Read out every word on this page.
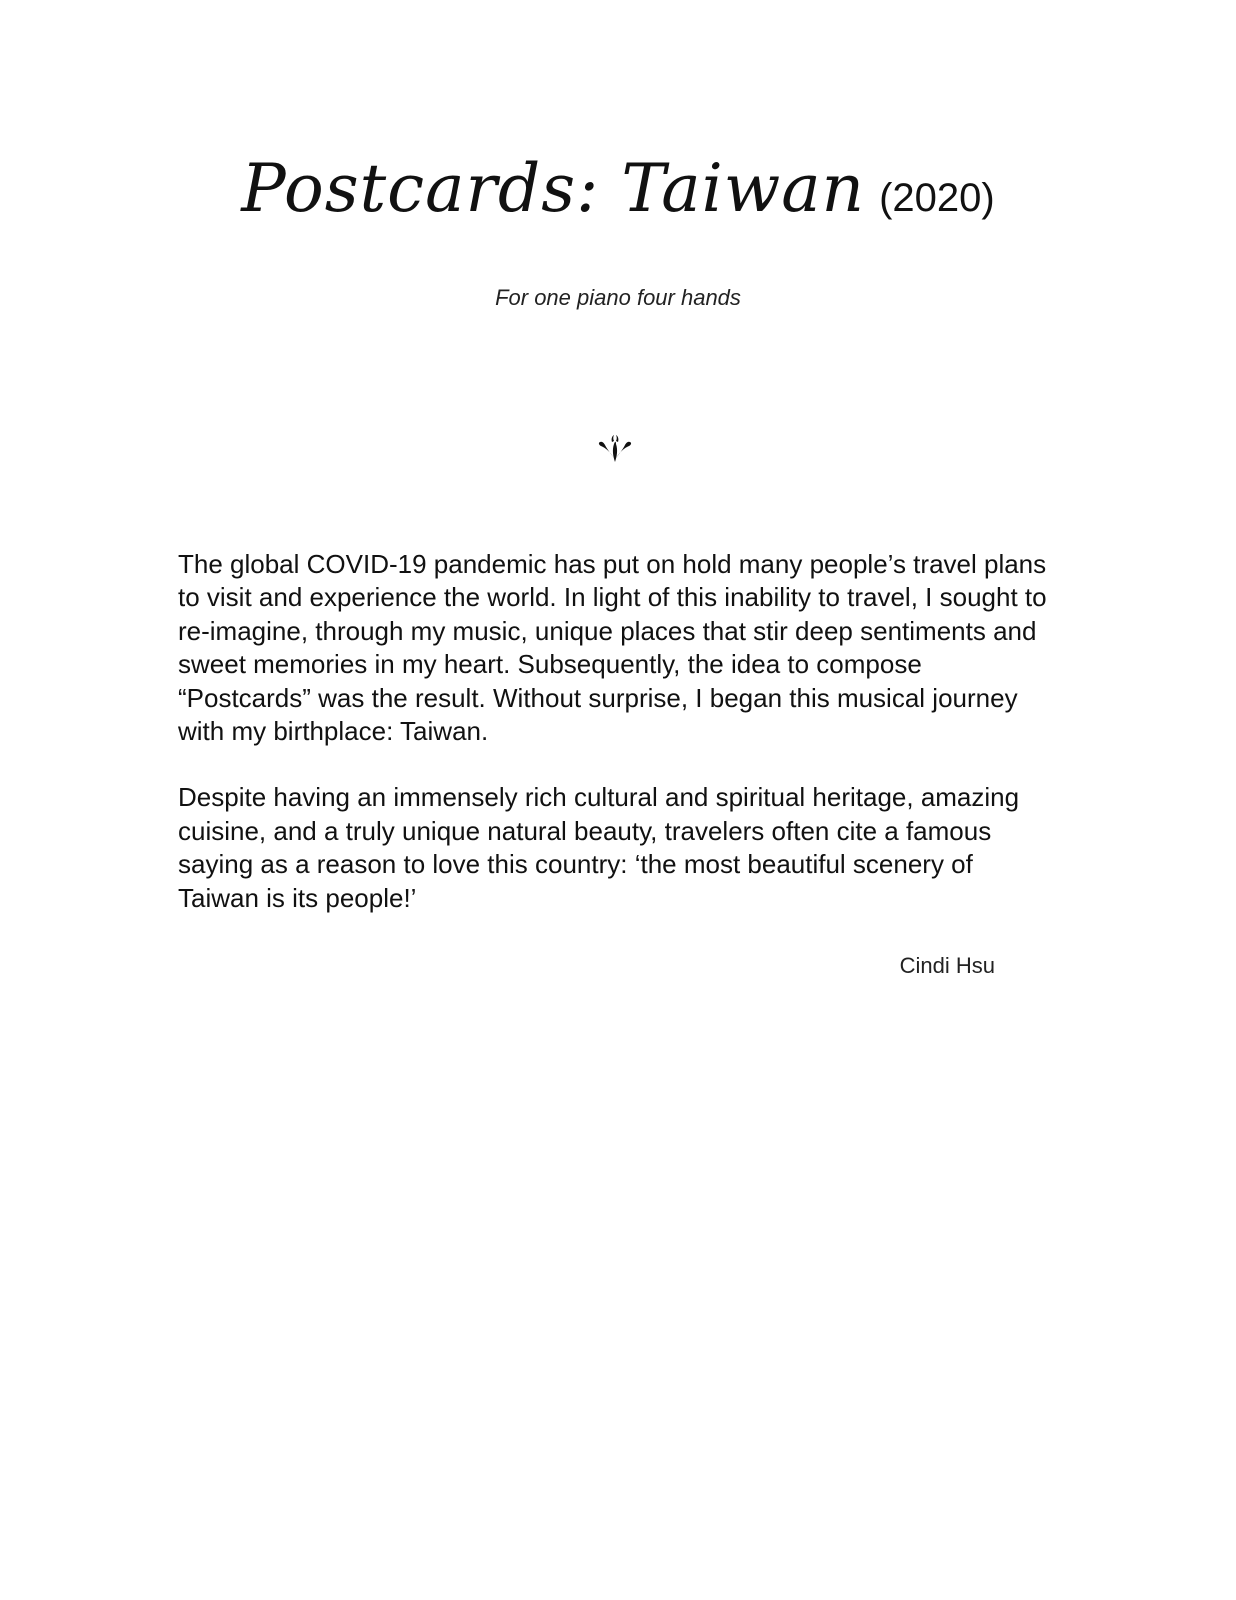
Postcards: Taiwan (2020)
For one piano four hands

The global COVID-19 pandemic has put on hold many people’s travel plans to visit and experience the world. In light of this inability to travel, I sought to re-imagine, through my music, unique places that stir deep sentiments and sweet memories in my heart. Subsequently, the idea to compose “Postcards” was the result. Without surprise, I began this musical journey with my birthplace: Taiwan.

Despite having an immensely rich cultural and spiritual heritage, amazing cuisine, and a truly unique natural beauty, travelers often cite a famous saying as a reason to love this country: ‘the most beautiful scenery of Taiwan is its people!’

Cindi Hsu
